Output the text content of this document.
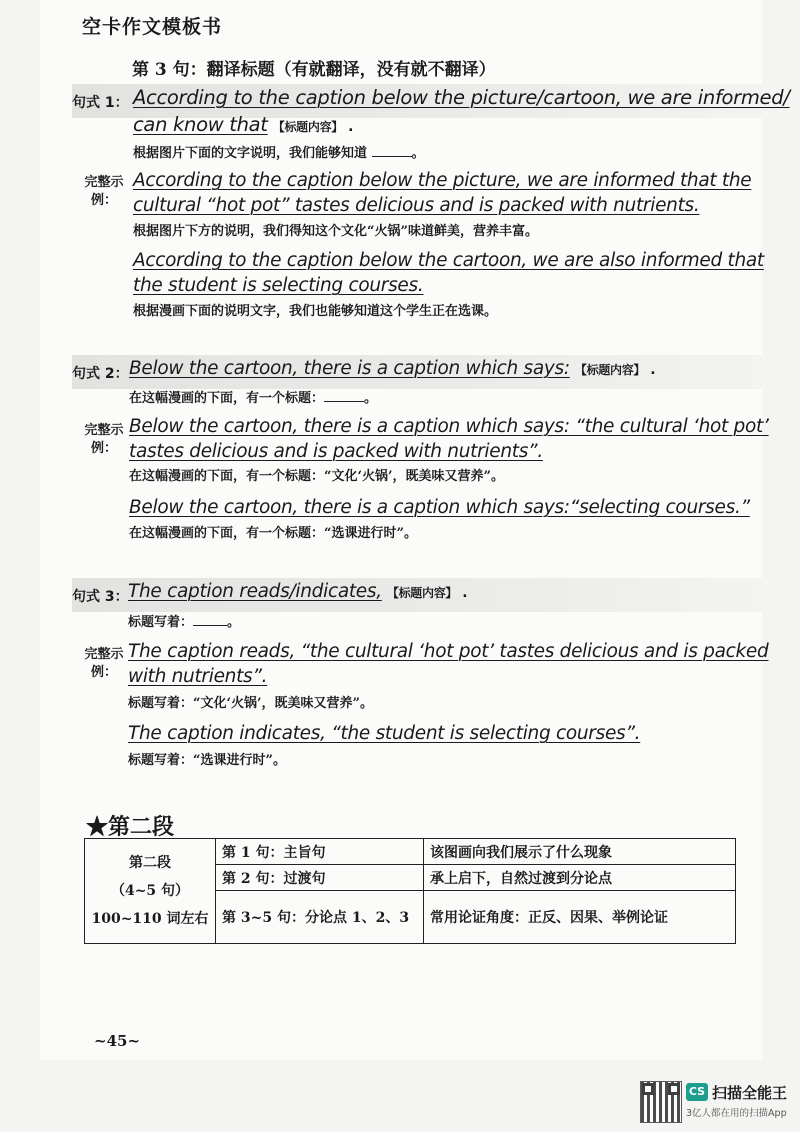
空卡作文模板书
第 3 句：翻译标题（有就翻译，没有就不翻译）
句式 1： According to the caption below the picture/cartoon, we are informed/
can know that 【标题内容】 .
根据图片下面的文字说明，我们能够知道	。
完整示例：
According to the caption below the picture, we are informed that the
cultural “hot pot” tastes delicious and is packed with nutrients.
根据图片下方的说明，我们得知这个文化“火锅”味道鲜美，营养丰富。
According to the caption below the cartoon, we are also informed that
the student is selecting courses.
根据漫画下面的说明文字，我们也能够知道这个学生正在选课。
句式 2： Below the cartoon, there is a caption which says: 【标题内容】 .
在这幅漫画的下面，有一个标题：	。
完整示例：
Below the cartoon, there is a caption which says: “the cultural ‘hot pot’
tastes delicious and is packed with nutrients”.
在这幅漫画的下面，有一个标题：“文化‘火锅’，既美味又营养”。
Below the cartoon, there is a caption which says:“selecting courses.”
在这幅漫画的下面，有一个标题：“选课进行时”。
句式 3： The caption reads/indicates, 【标题内容】 .
标题写着：	。
完整示例：
The caption reads, “the cultural ‘hot pot’ tastes delicious and is packed
with nutrients”.
标题写着：“文化‘火锅’，既美味又营养”。
The caption indicates, “the student is selecting courses”.
标题写着：“选课进行时”。
★第二段
第二段
（4~5 句）
100~110 词左右	第 1 句：主旨句	该图画向我们展示了什么现象
	第 2 句：过渡句	承上启下，自然过渡到分论点
	第 3~5 句：分论点 1、2、3	常用论证角度：正反、因果、举例论证
~45~
CS 扫描全能王
3亿人都在用的扫描App
